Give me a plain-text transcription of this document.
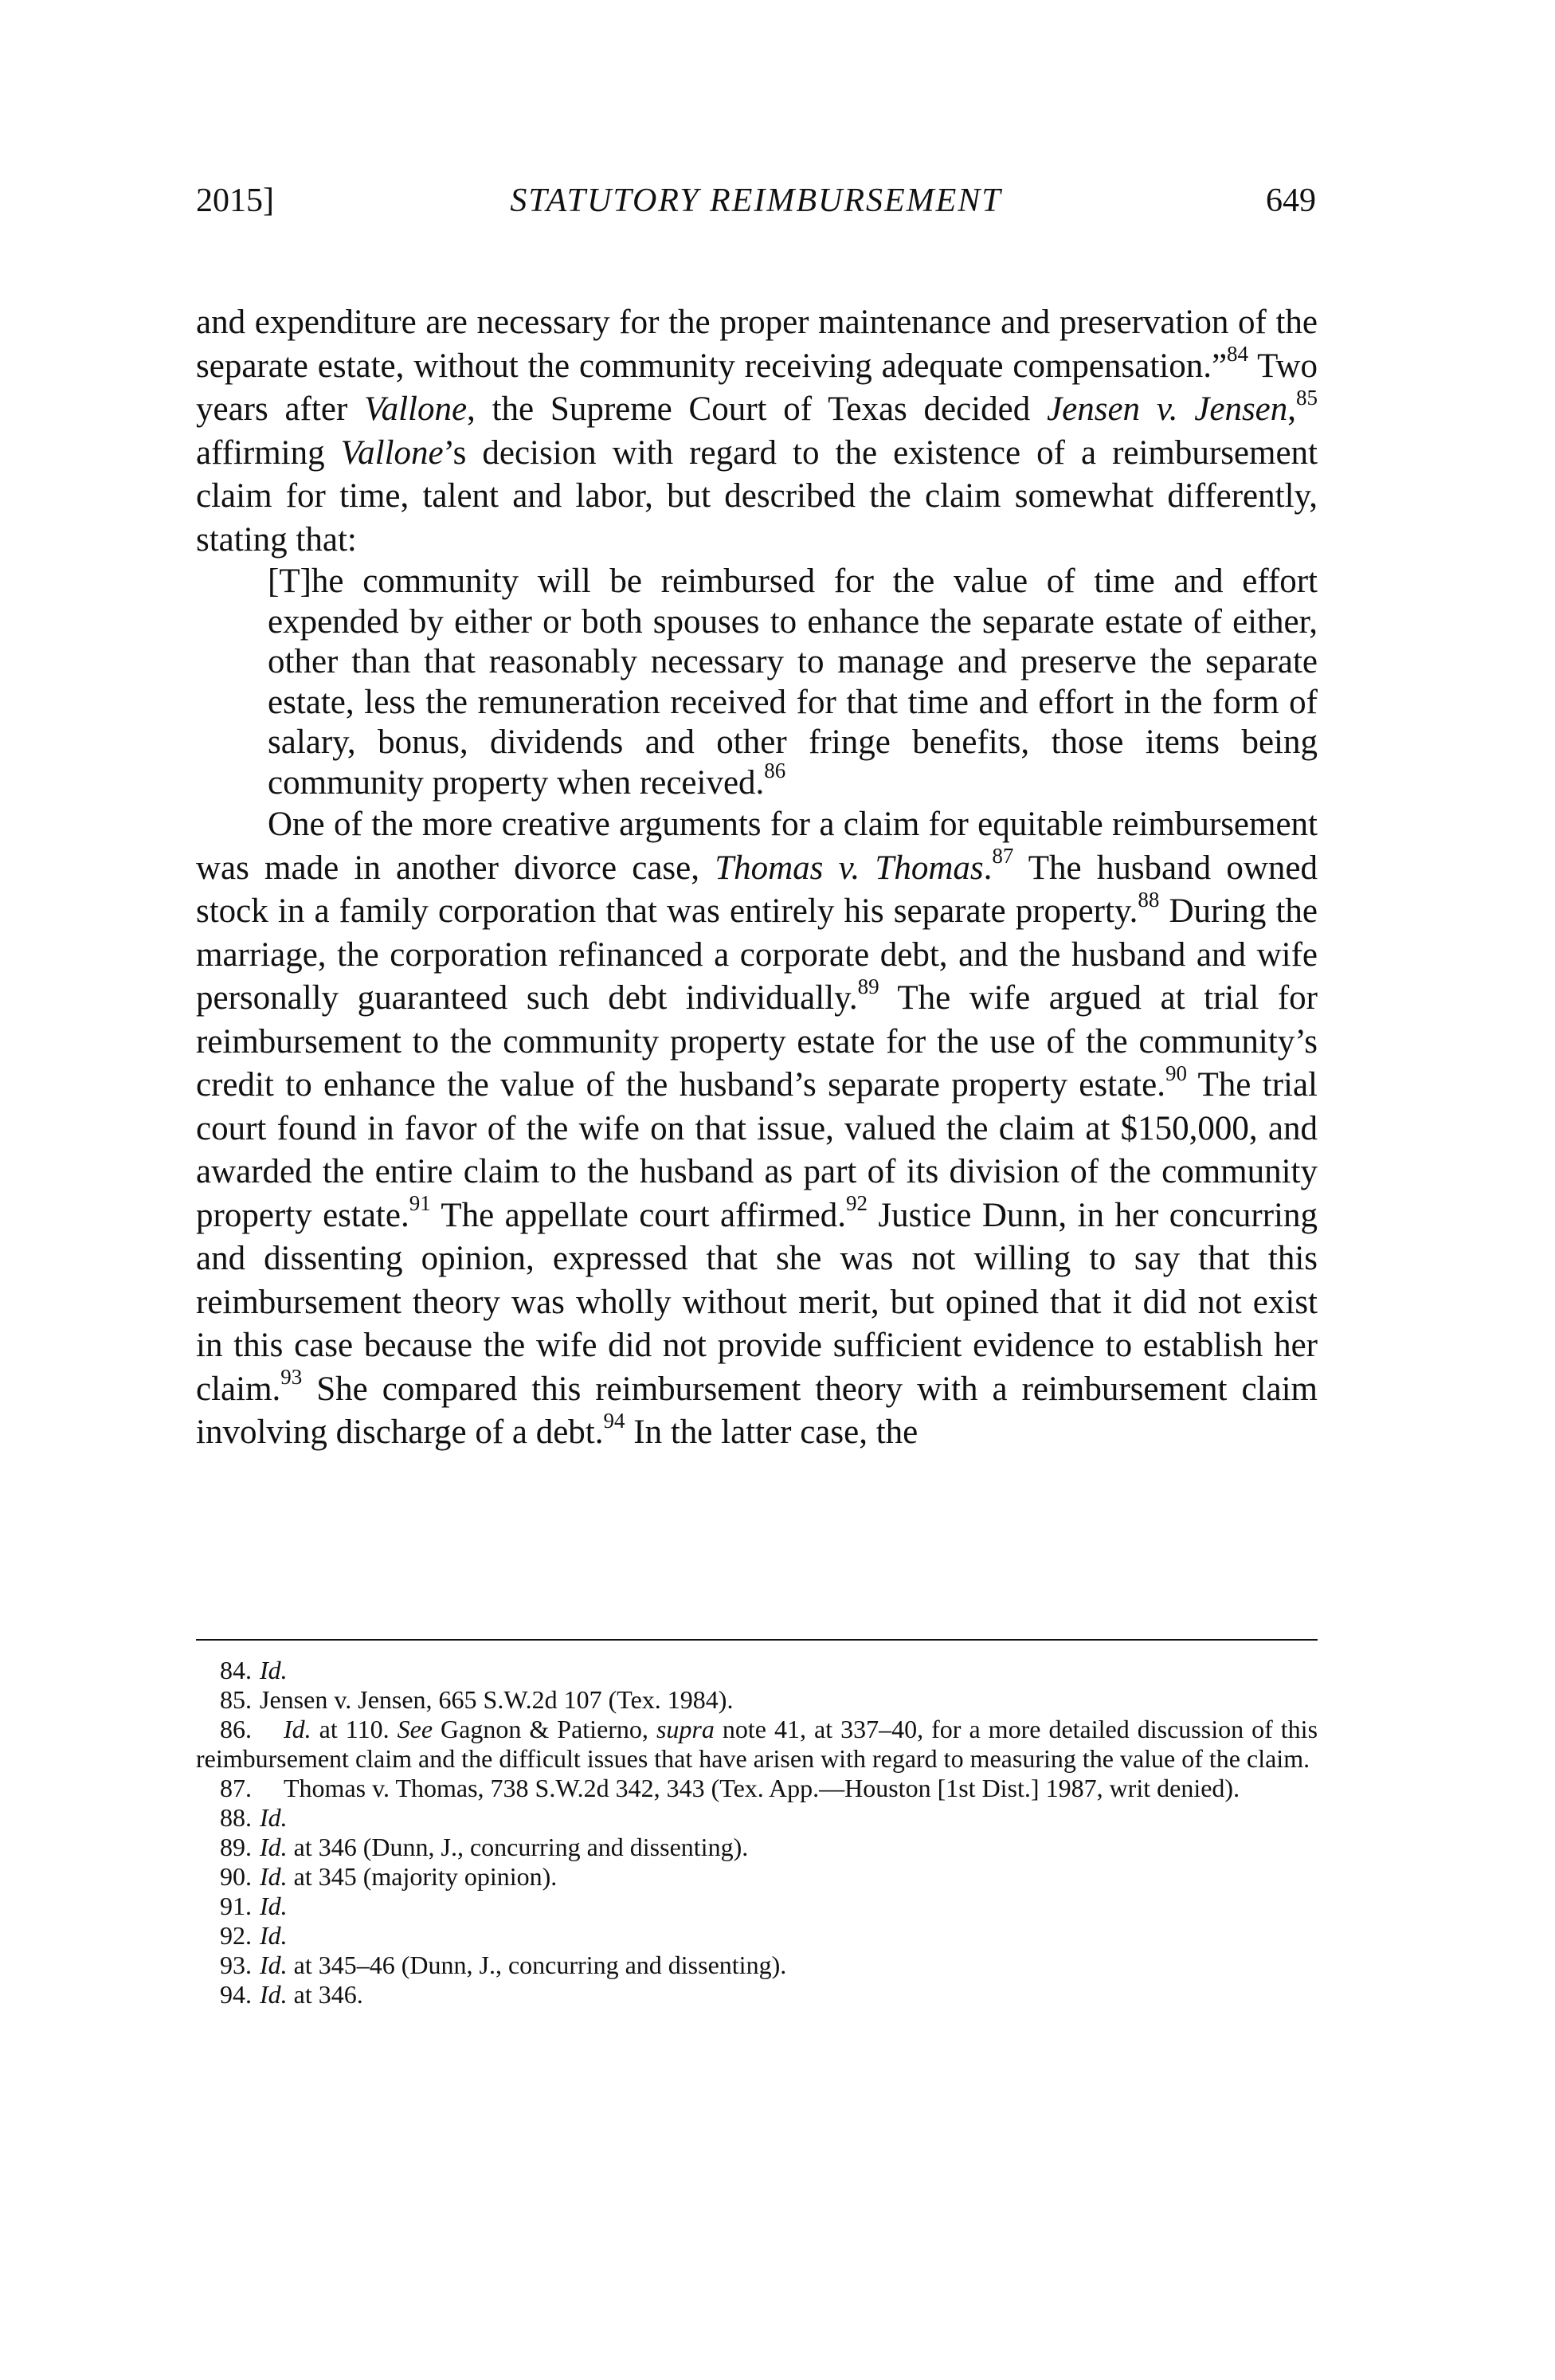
2015]	STATUTORY REIMBURSEMENT	649

and expenditure are necessary for the proper maintenance and preservation of the separate estate, without the community receiving adequate compensation.”$^{84}$ Two years after Vallone, the Supreme Court of Texas decided Jensen v. Jensen,$^{85}$ affirming Vallone’s decision with regard to the existence of a reimbursement claim for time, talent and labor, but described the claim somewhat differently, stating that:

[T]he community will be reimbursed for the value of time and effort expended by either or both spouses to enhance the separate estate of either, other than that reasonably necessary to manage and preserve the separate estate, less the remuneration received for that time and effort in the form of salary, bonus, dividends and other fringe benefits, those items being community property when received.$^{86}$

One of the more creative arguments for a claim for equitable reimbursement was made in another divorce case, Thomas v. Thomas.$^{87}$ The husband owned stock in a family corporation that was entirely his separate property.$^{88}$ During the marriage, the corporation refinanced a corporate debt, and the husband and wife personally guaranteed such debt individually.$^{89}$ The wife argued at trial for reimbursement to the community property estate for the use of the community’s credit to enhance the value of the husband’s separate property estate.$^{90}$ The trial court found in favor of the wife on that issue, valued the claim at $150,000, and awarded the entire claim to the husband as part of its division of the community property estate.$^{91}$ The appellate court affirmed.$^{92}$ Justice Dunn, in her concurring and dissenting opinion, expressed that she was not willing to say that this reimbursement theory was wholly without merit, but opined that it did not exist in this case because the wife did not provide sufficient evidence to establish her claim.$^{93}$ She compared this reimbursement theory with a reimbursement claim involving discharge of a debt.$^{94}$ In the latter case, the

84. Id.

85. Jensen v. Jensen, 665 S.W.2d 107 (Tex. 1984).

86. Id. at 110. See Gagnon & Patierno, supra note 41, at 337–40, for a more detailed discussion of this reimbursement claim and the difficult issues that have arisen with regard to measuring the value of the claim.

87. Thomas v. Thomas, 738 S.W.2d 342, 343 (Tex. App.—Houston [1st Dist.] 1987, writ denied).

88. Id.

89. Id. at 346 (Dunn, J., concurring and dissenting).

90. Id. at 345 (majority opinion).

91. Id.

92. Id.

93. Id. at 345–46 (Dunn, J., concurring and dissenting).

94. Id. at 346.
